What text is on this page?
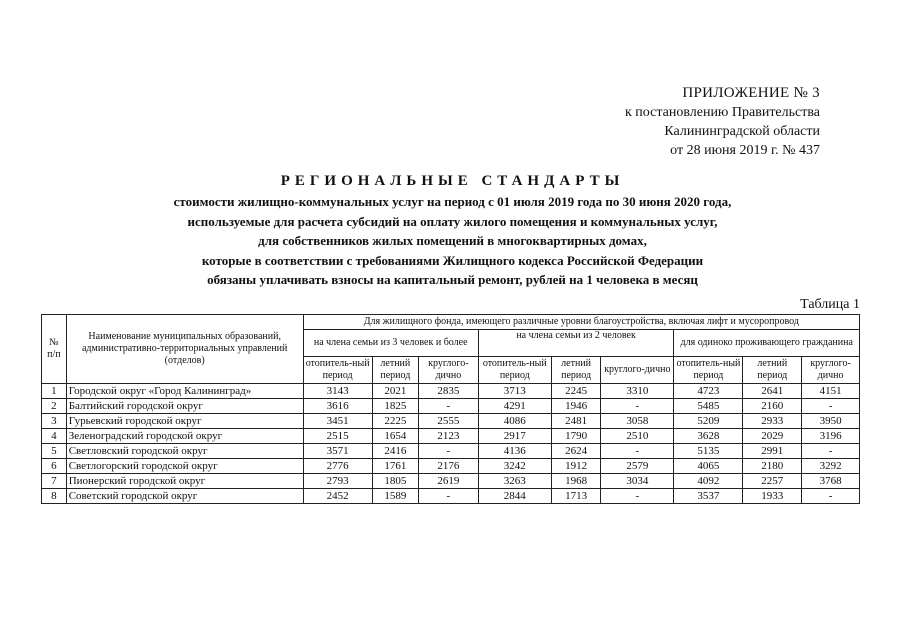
ПРИЛОЖЕНИЕ № 3
к постановлению Правительства
Калининградской области
от 28 июня 2019 г. № 437
РЕГИОНАЛЬНЫЕ СТАНДАРТЫ
стоимости жилищно-коммунальных услуг на период с 01 июля 2019 года по 30 июня 2020 года,
используемые для расчета субсидий на оплату жилого помещения и коммунальных услуг,
для собственников жилых помещений в многоквартирных домах,
которые в соответствии с требованиями Жилищного кодекса Российской Федерации
обязаны уплачивать взносы на капитальный ремонт, рублей на 1 человека в месяц
Таблица 1
№ п/п	Наименование муниципальных образований, административно-территориальных управлений (отделов)	Для жилищного фонда, имеющего различные уровни благоустройства, включая лифт и мусоропровод								
		на члена семьи из 3 человек и более			на члена семьи из 2 человек			для одиноко проживающего гражданина		
		отопитель-ный период	летний период	круглого-дично	отопитель-ный период	летний период	круглого-дично	отопитель-ный период	летний период	круглого-дично
1	Городской округ «Город Калининград»	3143	2021	2835	3713	2245	3310	4723	2641	4151
2	Балтийский городской округ	3616	1825	-	4291	1946	-	5485	2160	-
3	Гурьевский городской округ	3451	2225	2555	4086	2481	3058	5209	2933	3950
4	Зеленоградский городской округ	2515	1654	2123	2917	1790	2510	3628	2029	3196
5	Светловский городской округ	3571	2416	-	4136	2624	-	5135	2991	-
6	Светлогорский городской округ	2776	1761	2176	3242	1912	2579	4065	2180	3292
7	Пионерский городской округ	2793	1805	2619	3263	1968	3034	4092	2257	3768
8	Советский городской округ	2452	1589	-	2844	1713	-	3537	1933	-
